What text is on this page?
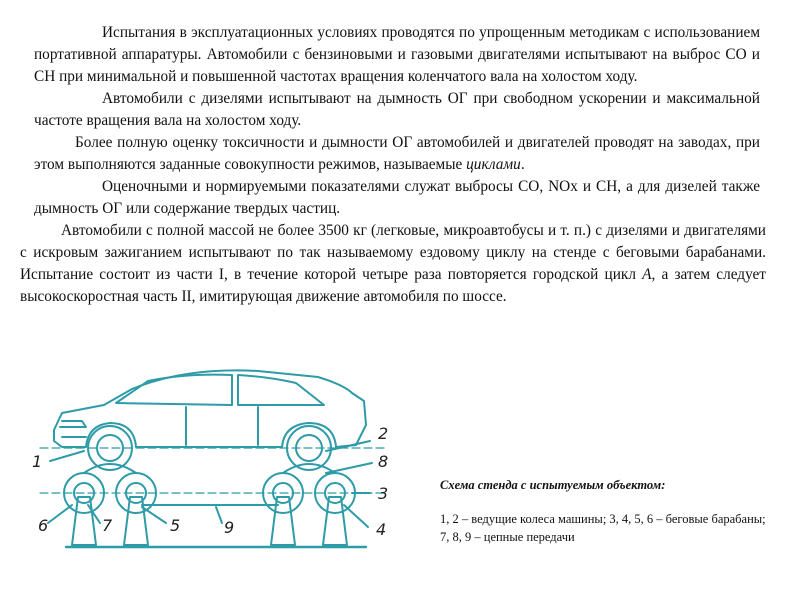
Испытания в эксплуатационных условиях проводятся по упрощенным методикам с использованием портативной аппаратуры. Автомобили с бензиновыми и газовыми двигателями испытывают на выброс СО и СН при минимальной и повышенной частотах вращения коленчатого вала на холостом ходу.

Автомобили с дизелями испытывают на дымность ОГ при свободном ускорении и максимальной частоте вращения вала на холостом ходу.

Более полную оценку токсичности и дымности ОГ автомобилей и двигателей проводят на заводах, при этом выполняются заданные совокупности режимов, называемые циклами.

Оценочными и нормируемыми показателями служат выбросы СО, NOx и СН, а для дизелей также дымность ОГ или содержание твердых частиц.

Автомобили с полной массой не более 3500 кг (легковые, микроавтобусы и т. п.) с дизелями и двигателями с искровым зажиганием испытывают по так называемому ездовому циклу на стенде с беговыми барабанами. Испытание состоит из части I, в течение которой четыре раза повторяется городской цикл А, а затем следует высокоскоростная часть II, имитирующая движение автомобиля по шоссе.

1
2
8
3
4
5
7
6	9
Схема стенда с испытуемым объектом:
1, 2 – ведущие колеса машины; 3, 4, 5, 6 – беговые барабаны; 7, 8, 9 – цепные передачи
